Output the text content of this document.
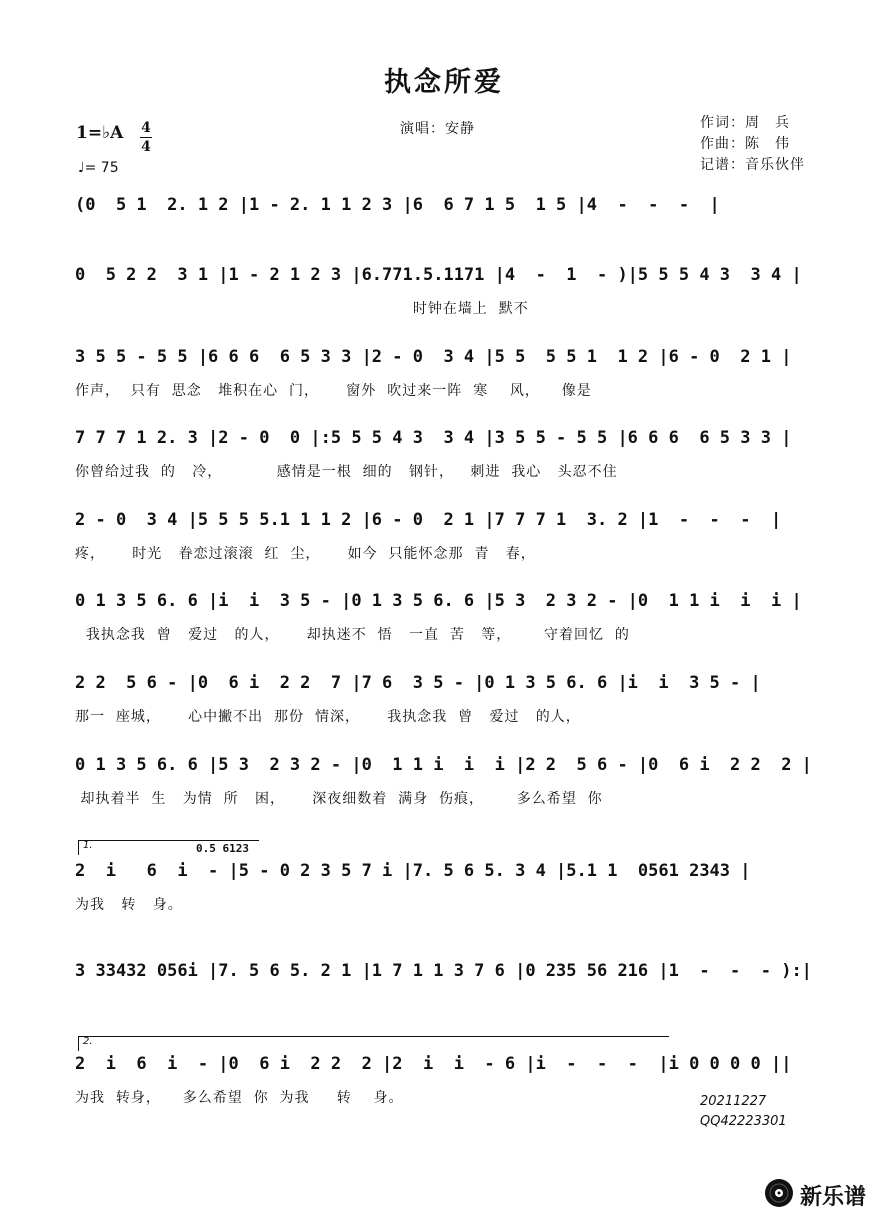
执念所爱
1=♭A 4
4
♩= 75
演唱：安静	作词：周　兵
作曲：陈　伟
记谱：音乐伙伴
(0  5 1  2. 1 2 |1 - 2. 1 1 2 3 |6  6 7 1 5  1 5 |4  -  -  -  |
0  5 2 2  3 1 |1 - 2 1 2 3 |6.771.5.1171 |4  -  1  - )|5 5 5 4 3  3 4 |
时钟在墙上  默不
3 5 5 - 5 5 |6 6 6  6 5 3 3 |2 - 0  3 4 |5 5  5 5 1  1 2 |6 - 0  2 1 |
作声，  只有  思念   堆积在心  门，     窗外  吹过来一阵  寒    风，    像是
7 7 7 1 2. 3 |2 - 0  0 |:5 5 5 4 3  3 4 |3 5 5 - 5 5 |6 6 6  6 5 3 3 |
你曾给过我  的   冷，          感情是一根  细的   钢针，   刺进  我心   头忍不住
2 - 0  3 4 |5 5 5 5.1 1 1 2 |6 - 0  2 1 |7 7 7 1  3. 2 |1  -  -  -  |
疼，     时光   眷恋过滚滚  红  尘，     如今  只能怀念那  青   春，
0 1 3 5 6. 6 |i  i  3 5 - |0 1 3 5 6. 6 |5 3  2 3 2 - |0  1 1 i  i  i |
我执念我  曾   爱过   的人，     却执迷不  悟   一直  苦   等，      守着回忆  的
2 2  5 6 - |0  6 i  2 2  7 |7 6  3 5 - |0 1 3 5 6. 6 |i  i  3 5 - |
那一  座城，     心中撇不出  那份  情深，     我执念我  曾   爱过   的人，
0 1 3 5 6. 6 |5 3  2 3 2 - |0  1 1 i  i  i |2 2  5 6 - |0  6 i  2 2  2 |
却执着半  生   为情  所   困，     深夜细数着  满身  伤痕，      多么希望  你
1.	0.5 6123
2  i   6  i  - |5 - 0 2 3 5 7 i |7. 5 6 5. 3 4 |5.1 1  0561 2343 |
为我   转   身。
3 33432 056i |7. 5 6 5. 2 1 |1 7 1 1 3 7 6 |0 235 56 216 |1  -  -  - ):|
2.
2  i  6  i  - |0  6 i  2 2  2 |2  i  i  - 6 |i  -  -  -  |i 0 0 0 0 ||
为我  转身，    多么希望  你  为我     转    身。	20211227
QQ42223301
新乐谱
